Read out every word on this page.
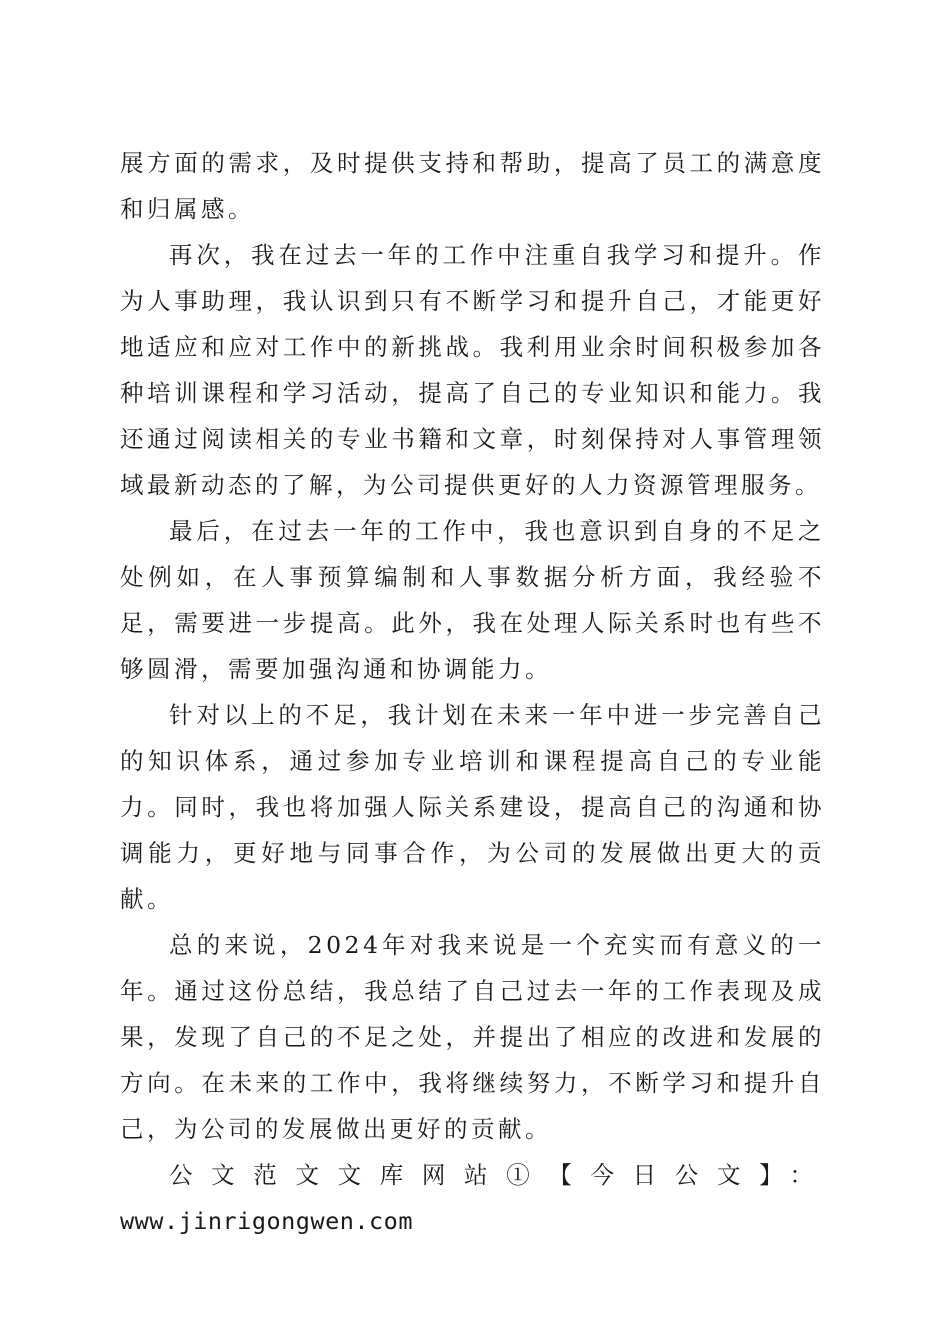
展方面的需求，及时提供支持和帮助，提高了员工的满意度和归属感。

再次，我在过去一年的工作中注重自我学习和提升。作为人事助理，我认识到只有不断学习和提升自己，才能更好地适应和应对工作中的新挑战。我利用业余时间积极参加各种培训课程和学习活动，提高了自己的专业知识和能力。我还通过阅读相关的专业书籍和文章，时刻保持对人事管理领域最新动态的了解，为公司提供更好的人力资源管理服务。

最后，在过去一年的工作中，我也意识到自身的不足之处例如，在人事预算编制和人事数据分析方面，我经验不足，需要进一步提高。此外，我在处理人际关系时也有些不够圆滑，需要加强沟通和协调能力。

针对以上的不足，我计划在未来一年中进一步完善自己的知识体系，通过参加专业培训和课程提高自己的专业能力。同时，我也将加强人际关系建设，提高自己的沟通和协调能力，更好地与同事合作，为公司的发展做出更大的贡献。

总的来说，2024年对我来说是一个充实而有意义的一年。通过这份总结，我总结了自己过去一年的工作表现及成果，发现了自己的不足之处，并提出了相应的改进和发展的方向。在未来的工作中，我将继续努力，不断学习和提升自己，为公司的发展做出更好的贡献。

公文范文文库网站①【今日公文】：
www.jinrigongwen.com
